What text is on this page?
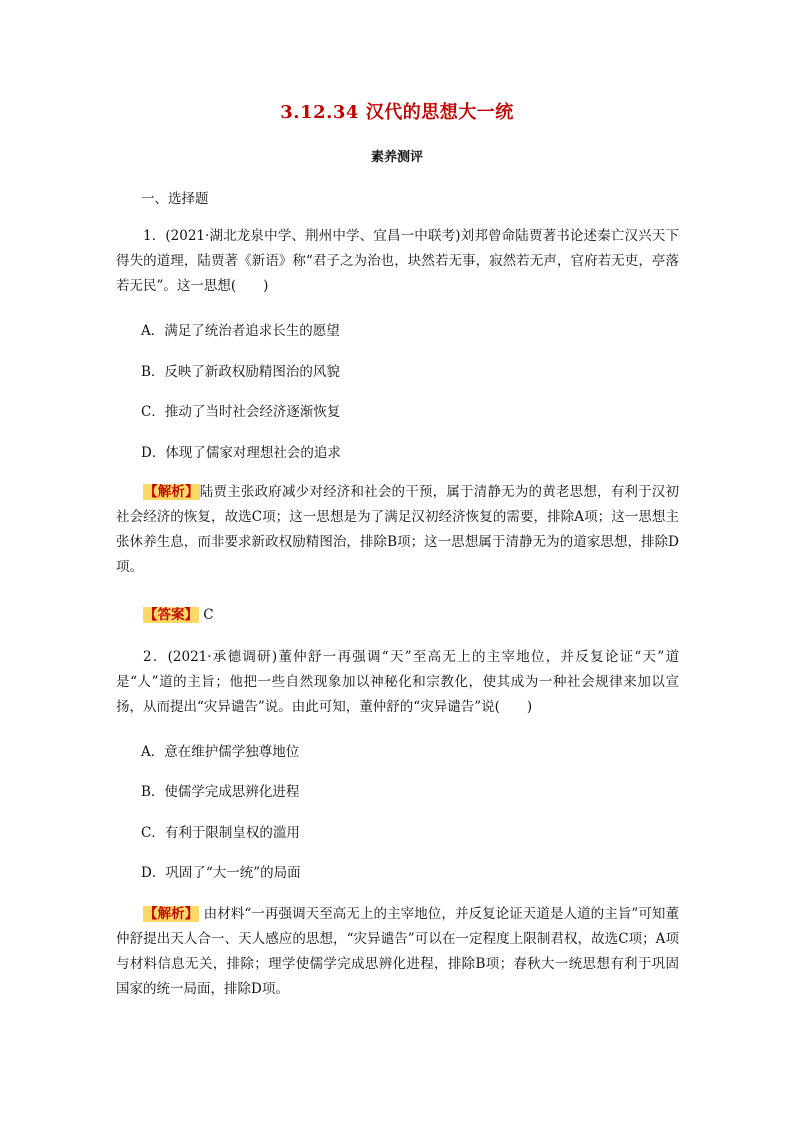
3.12.34 汉代的思想大一统
素养测评
一、选择题
1．(2021·湖北龙泉中学、荆州中学、宜昌一中联考)刘邦曾命陆贾著书论述秦亡汉兴天下得失的道理，陆贾著《新语》称“君子之为治也，块然若无事，寂然若无声，官府若无吏，亭落若无民”。这一思想(　　)
A．满足了统治者追求长生的愿望
B．反映了新政权励精图治的风貌
C．推动了当时社会经济逐渐恢复
D．体现了儒家对理想社会的追求
【解析】陆贾主张政府减少对经济和社会的干预，属于清静无为的黄老思想，有利于汉初社会经济的恢复，故选C项；这一思想是为了满足汉初经济恢复的需要，排除A项；这一思想主张休养生息，而非要求新政权励精图治，排除B项；这一思想属于清静无为的道家思想，排除D项。
【答案】 C
2．(2021·承德调研)董仲舒一再强调“天”至高无上的主宰地位，并反复论证“天”道是“人”道的主旨；他把一些自然现象加以神秘化和宗教化，使其成为一种社会规律来加以宣扬，从而提出“灾异谴告”说。由此可知，董仲舒的“灾异谴告”说(　　)
A．意在维护儒学独尊地位
B．使儒学完成思辨化进程
C．有利于限制皇权的滥用
D．巩固了“大一统”的局面
【解析】 由材料“一再强调天至高无上的主宰地位，并反复论证天道是人道的主旨”可知董仲舒提出天人合一、天人感应的思想，“灾异谴告”可以在一定程度上限制君权，故选C项；A项与材料信息无关，排除；理学使儒学完成思辨化进程，排除B项；春秋大一统思想有利于巩固国家的统一局面，排除D项。
